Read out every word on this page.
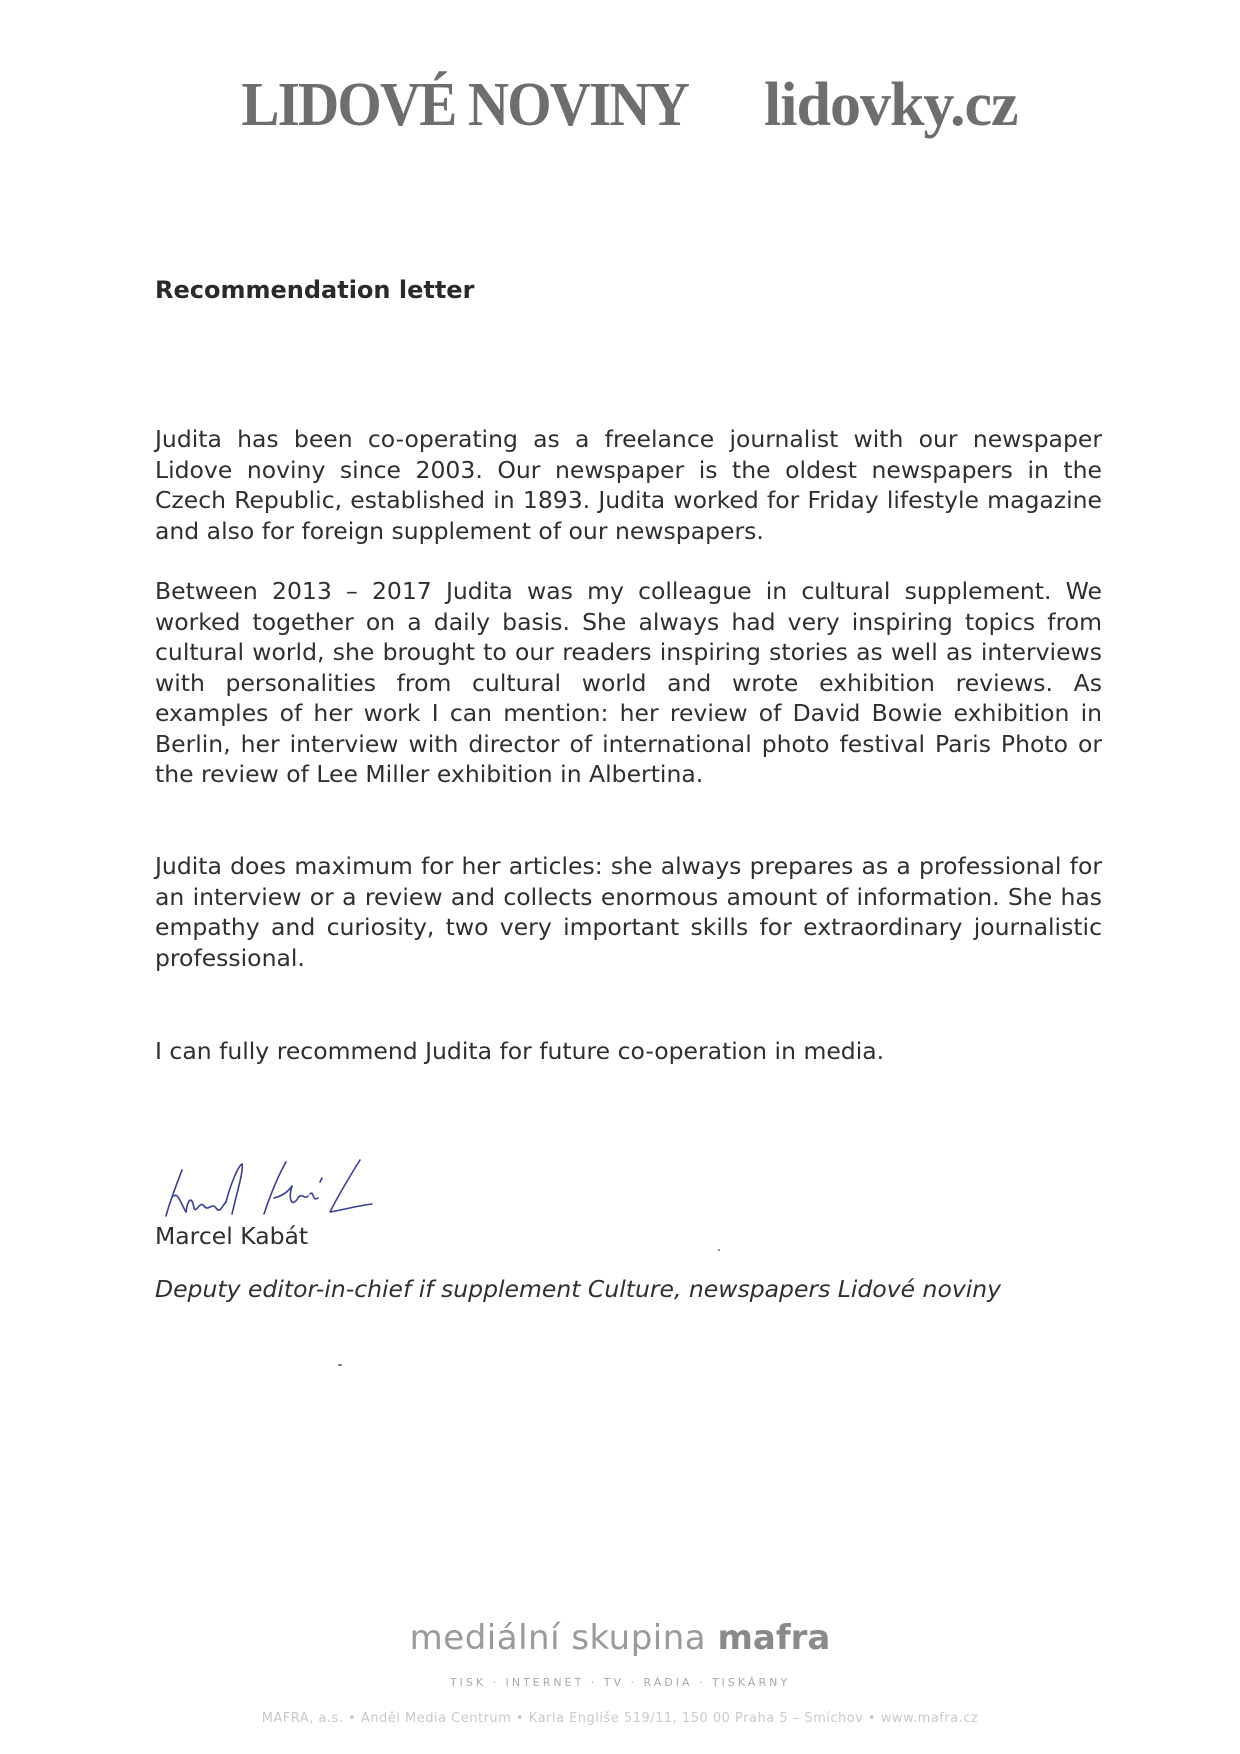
LIDOVÉ NOVINY lidovky.cz
Recommendation letter
Judita has been co-operating as a freelance journalist with our newspaper Lidove noviny since 2003. Our newspaper is the oldest newspapers in the Czech Republic, established in 1893. Judita worked for Friday lifestyle magazine and also for foreign supplement of our newspapers.
Between 2013 – 2017 Judita was my colleague in cultural supplement. We worked together on a daily basis. She always had very inspiring topics from cultural world, she brought to our readers inspiring stories as well as interviews with personalities from cultural world and wrote exhibition reviews. As examples of her work I can mention: her review of David Bowie exhibition in Berlin, her interview with director of international photo festival Paris Photo or the review of Lee Miller exhibition in Albertina.
Judita does maximum for her articles: she always prepares as a professional for an interview or a review and collects enormous amount of information. She has empathy and curiosity, two very important skills for extraordinary journalistic professional.
I can fully recommend Judita for future co-operation in media.
Marcel Kabát
Deputy editor-in-chief if supplement Culture, newspapers Lidové noviny
mediální skupina mafra
TISK · INTERNET · TV · RÁDIA · TISKÁRNY
MAFRA, a.s. • Anděl Media Centrum • Karla Engliše 519/11, 150 00 Praha 5 – Smíchov • www.mafra.cz
